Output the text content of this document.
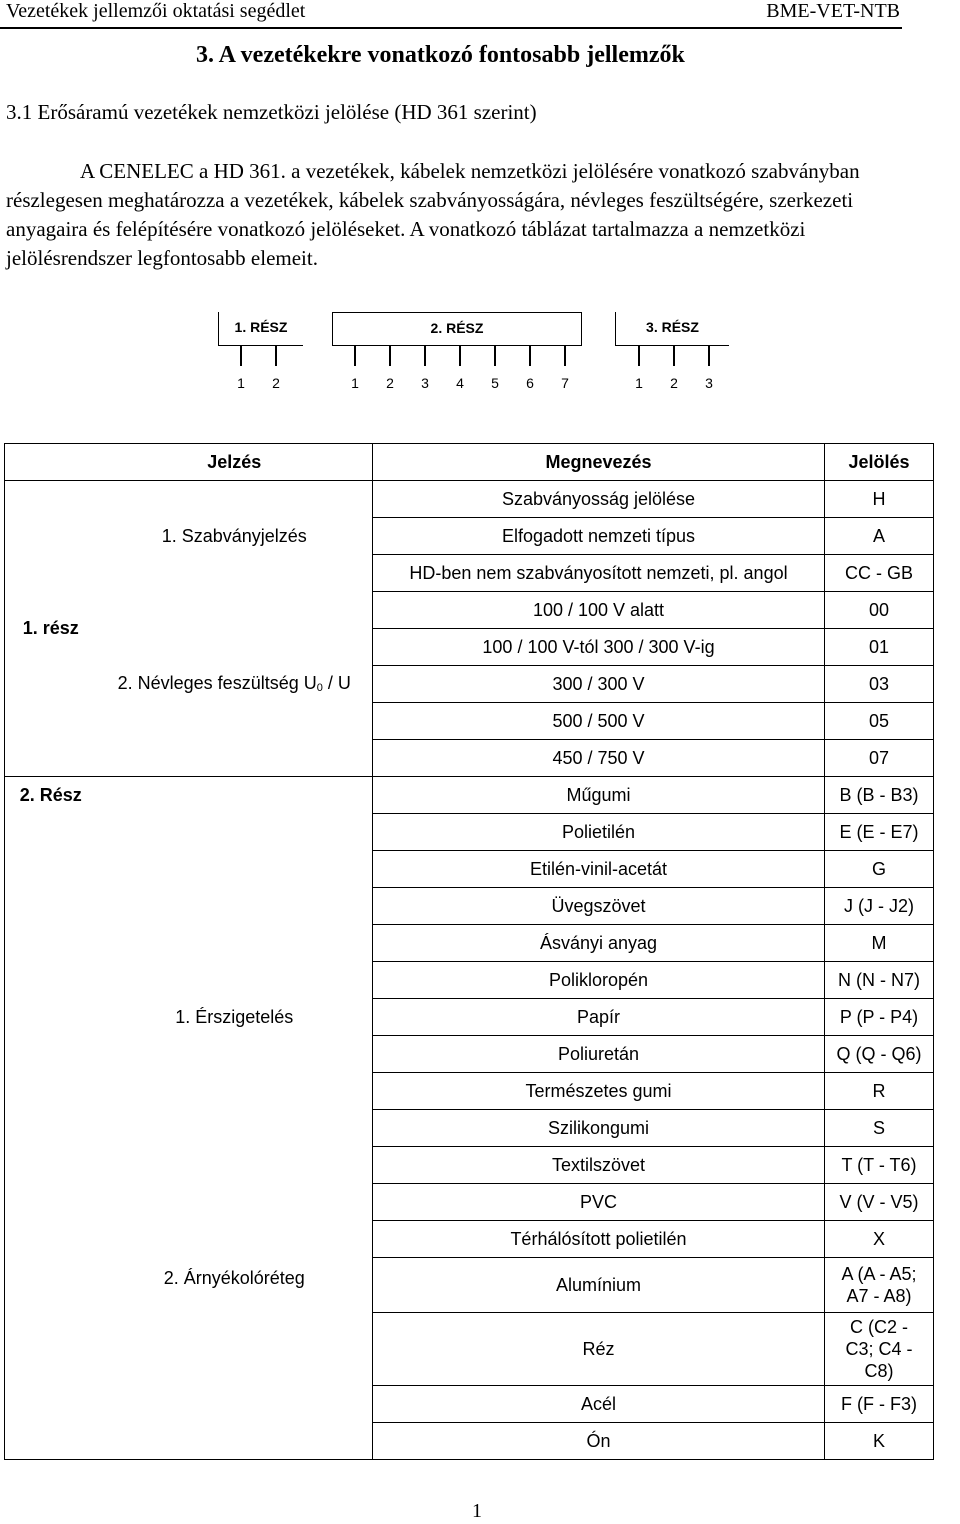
Vezetékek jellemzői oktatási segédlet	BME-VET-NTB
3. A vezetékekre vonatkozó fontosabb jellemzők
3.1 Erősáramú vezetékek nemzetközi jelölése (HD 361 szerint)
A CENELEC a HD 361. a vezetékek, kábelek nemzetközi jelölésére vonatkozó szabványban
részlegesen meghatározza a vezetékek, kábelek szabványosságára, névleges feszültségére, szerkezeti anyagaira és felépítésére vonatkozó jelöléseket. A vonatkozó táblázat tartalmazza a nemzetközi jelölésrendszer legfontosabb elemeit.
1. RÉSZ	2. RÉSZ	3. RÉSZ
1	2	1	2	3	4	5	6	7	1	2	3
	Jelzés	Megnevezés	Jelölés
1. rész	1. Szabványjelzés	Szabványosság jelölése	H

		Elfogadott nemzeti típus	A

		HD-ben nem szabványosított nemzeti, pl. angol	CC - GB

	2. Névleges feszültség $U_0$ / U	100 / 100 V alatt	00

		100 / 100 V-tól 300 / 300 V-ig	01

		300 / 300 V	03

		500 / 500 V	05

		450 / 750 V	07

2. Rész	1. Érszigetelés	Műgumi	B (B - B3)

		Polietilén	E (E - E7)

		Etilén-vinil-acetát	G

		Üvegszövet	J (J - J2)

		Ásványi anyag	M

		Polikloropén	N (N - N7)

		Papír	P (P - P4)

		Poliuretán	Q (Q - Q6)

		Természetes gumi	R

		Szilikongumi	S

		Textilszövet	T (T - T6)

		PVC	V (V - V5)

		Térhálósított polietilén	X

	2. Árnyékolóréteg	Alumínium	A (A - A5;
A7 - A8)

		Réz	C (C2 -
C3; C4 -
C8)

		Acél	F (F - F3)

		Ón	K
1
